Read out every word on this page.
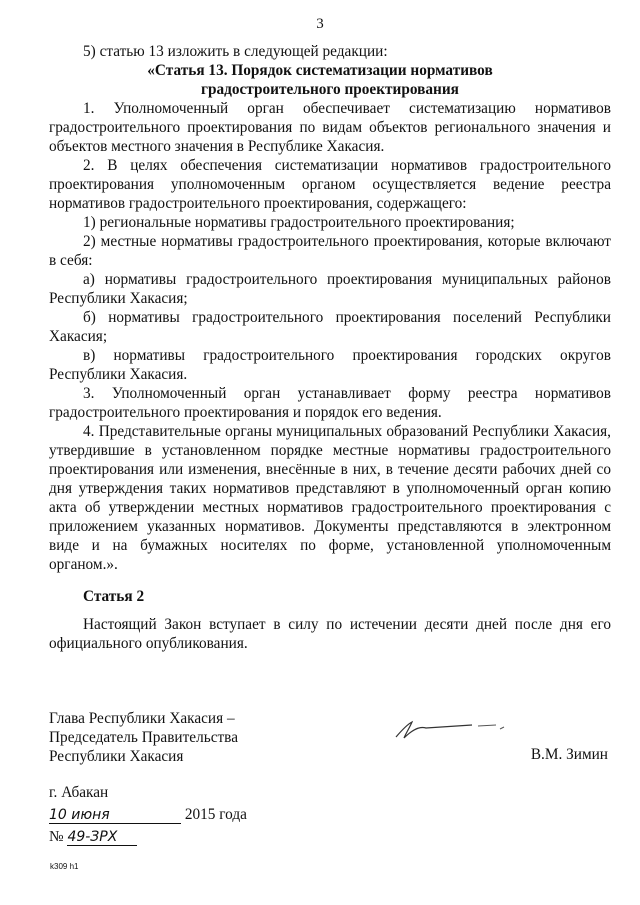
3

5) статью 13 изложить в следующей редакции:

«Статья 13. Порядок систематизации нормативов
градостроительного проектирования

1. Уполномоченный орган обеспечивает систематизацию нормативов градостроительного проектирования по видам объектов регионального значения и объектов местного значения в Республике Хакасия.

2. В целях обеспечения систематизации нормативов градостроительного проектирования уполномоченным органом осуществляется ведение реестра нормативов градостроительного проектирования, содержащего:

1) региональные нормативы градостроительного проектирования;

2) местные нормативы градостроительного проектирования, которые включают в себя:

а) нормативы градостроительного проектирования муниципальных районов Республики Хакасия;

б) нормативы градостроительного проектирования поселений Республики Хакасия;

в) нормативы градостроительного проектирования городских округов Республики Хакасия.

3. Уполномоченный орган устанавливает форму реестра нормативов градостроительного проектирования и порядок его ведения.

4. Представительные органы муниципальных образований Республики Хакасия, утвердившие в установленном порядке местные нормативы градостроительного проектирования или изменения, внесённые в них, в течение десяти рабочих дней со дня утверждения таких нормативов представляют в уполномоченный орган копию акта об утверждении местных нормативов градостроительного проектирования с приложением указанных нормативов. Документы представляются в электронном виде и на бумажных носителях по форме, установленной уполномоченным органом.».

Статья 2

Настоящий Закон вступает в силу по истечении десяти дней после дня его официального опубликования.

Глава Республики Хакасия –
Председатель Правительства
Республики Хакасия	В.М. Зимин
г. Абакан
10 июня	2015 года
№ 49-ЗРХ
k309 h1
